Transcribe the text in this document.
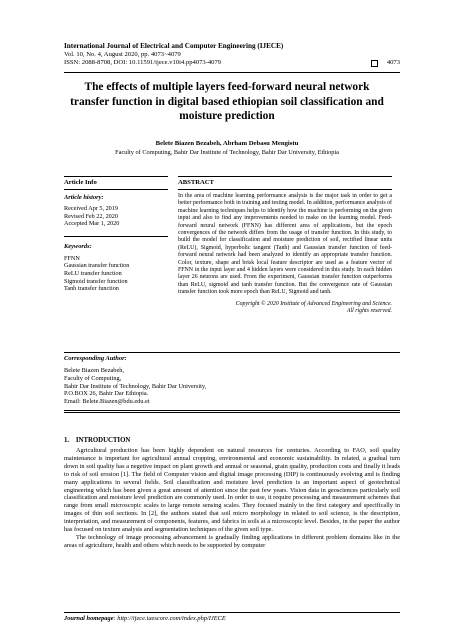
International Journal of Electrical and Computer Engineering (IJECE)
Vol. 10, No. 4, August 2020, pp. 4073~4079
ISSN: 2088-8708, DOI: 10.11591/ijece.v10i4.pp4073-4079	4073
The effects of multiple layers feed-forward neural network transfer function in digital based ethiopian soil classification and moisture prediction
Belete Biazen Bezabeh, Abrham Debasu Mengistu
Faculty of Computing, Bahir Dar Institute of Technology, Bahir Dar University, Ethiopia
Article Info
Article history:
Received Apr 5, 2019
Revised Feb 22, 2020
Accepted Mar 1, 2020
Keywords:
FFNN
Gaussian transfer function
ReLU transfer function
Sigmoid transfer function
Tanh transfer function
ABSTRACT
In the area of machine learning performance analysis is the major task in order to get a better performance both in training and testing model. In addition, performance analysis of machine learning techniques helps to identify how the machine is performing on the given input and also to find any improvements needed to make on the learning model. Feed-forward neural network (FFNN) has different area of applications, but the epoch convergences of the network differs from the usage of transfer function. In this study, to build the model for classification and moisture prediction of soil, rectified linear units (ReLU), Sigmoid, hyperbolic tangent (Tanh) and Gaussian transfer function of feed-forward neural network had been analyzed to identify an appropriate transfer function. Color, texture, shape and brisk local feature descriptor are used as a feature vector of FFNN in the input layer and 4 hidden layers were considered in this study. In each hidden layer 26 neurons are used. From the experiment, Gaussian transfer function outperforms than ReLU, sigmoid and tanh transfer function. But the convergence rate of Gaussian transfer function took more epoch than ReLU, Sigmoid and tanh.
Copyright © 2020 Institute of Advanced Engineering and Science.
All rights reserved.
Corresponding Author:
Belete Biazen Bezabeh,
Faculty of Computing,
Bahir Dar Institute of Technology, Bahir Dar University,
P.O.BOX 26, Bahir Dar Ethiopia.
Email: Belete.Biazen@bdu.edu.et
1.    INTRODUCTION

Agricultural production has been highly dependent on natural resources for centuries. According to FAO, soil quality maintenance is important for agricultural annual cropping, environmental and economic sustainability. In related, a gradual turn down in soil quality has a negetive impact on plant growth and annual or seasonal, grain quality, production costs and finally it leads to risk of soil erosion [1]. The field of Computer vision and digital image processing (DIP) is continuously evolving and is finding many applications in several fields. Soil classification and moisture level prediction is an important aspect of geotechnical engineering which has been given a great amount of attention since the past few years. Vision data in geosciences particularly soil classification and moisture level prediction are commonly used. In order to use, it require processing and measurement schemes that range from small microscopic scales to large remote sensing scales. They focused mainly to the first category and specifically in images of thin soil sections. In [2], the authors stated that soil micro morphology in related to soil science, is the description, interpretation, and measurement of components, features, and fabrics in soils at a microscopic level. Besides, in the paper the author has focused on texture analysis and segmentation techniques of the given soil type.

The technology of image processing advancement is gradually finding applications in different problem domains like in the areas of agriculture, health and others which needs to be supported by computer

Journal homepage: http://ijece.iaescore.com/index.php/IJECE
